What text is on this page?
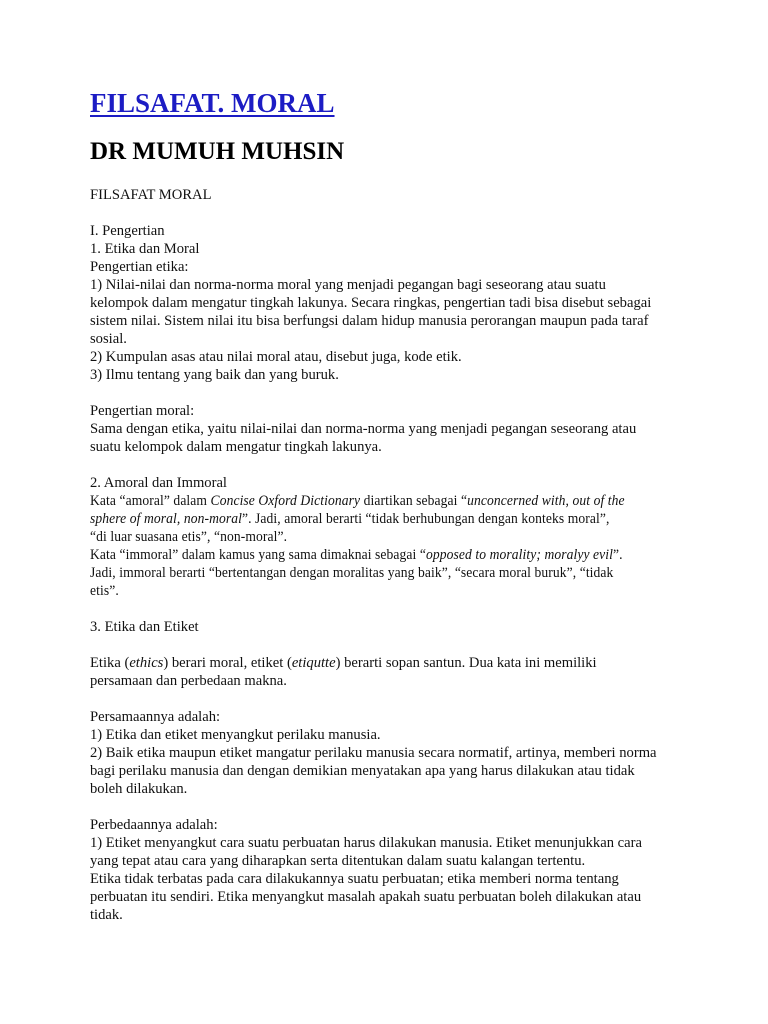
FILSAFAT. MORAL
DR MUMUH MUHSIN
FILSAFAT MORAL
I. Pengertian
1. Etika dan Moral
Pengertian etika:
1) Nilai-nilai dan norma-norma moral yang menjadi pegangan bagi seseorang atau suatu
kelompok dalam mengatur tingkah lakunya. Secara ringkas, pengertian tadi bisa disebut sebagai
sistem nilai. Sistem nilai itu bisa berfungsi dalam hidup manusia perorangan maupun pada taraf
sosial.
2) Kumpulan asas atau nilai moral atau, disebut juga, kode etik.
3) Ilmu tentang yang baik dan yang buruk.
Pengertian moral:
Sama dengan etika, yaitu nilai-nilai dan norma-norma yang menjadi pegangan seseorang atau
suatu kelompok dalam mengatur tingkah lakunya.
2. Amoral dan Immoral
Kata “amoral” dalam Concise Oxford Dictionary diartikan sebagai “unconcerned with, out of the
sphere of moral, non-moral”. Jadi, amoral berarti “tidak berhubungan dengan konteks moral”,
“di luar suasana etis”, “non-moral”.
Kata “immoral” dalam kamus yang sama dimaknai sebagai “opposed to morality; moralyy evil”.
Jadi, immoral berarti “bertentangan dengan moralitas yang baik”, “secara moral buruk”, “tidak
etis”.
3. Etika dan Etiket
Etika (ethics) berari moral, etiket (etiqutte) berarti sopan santun. Dua kata ini memiliki
persamaan dan perbedaan makna.
Persamaannya adalah:
1) Etika dan etiket menyangkut perilaku manusia.
2) Baik etika maupun etiket mangatur perilaku manusia secara normatif, artinya, memberi norma
bagi perilaku manusia dan dengan demikian menyatakan apa yang harus dilakukan atau tidak
boleh dilakukan.
Perbedaannya adalah:
1) Etiket menyangkut cara suatu perbuatan harus dilakukan manusia. Etiket menunjukkan cara
yang tepat atau cara yang diharapkan serta ditentukan dalam suatu kalangan tertentu.
Etika tidak terbatas pada cara dilakukannya suatu perbuatan; etika memberi norma tentang
perbuatan itu sendiri. Etika menyangkut masalah apakah suatu perbuatan boleh dilakukan atau
tidak.
